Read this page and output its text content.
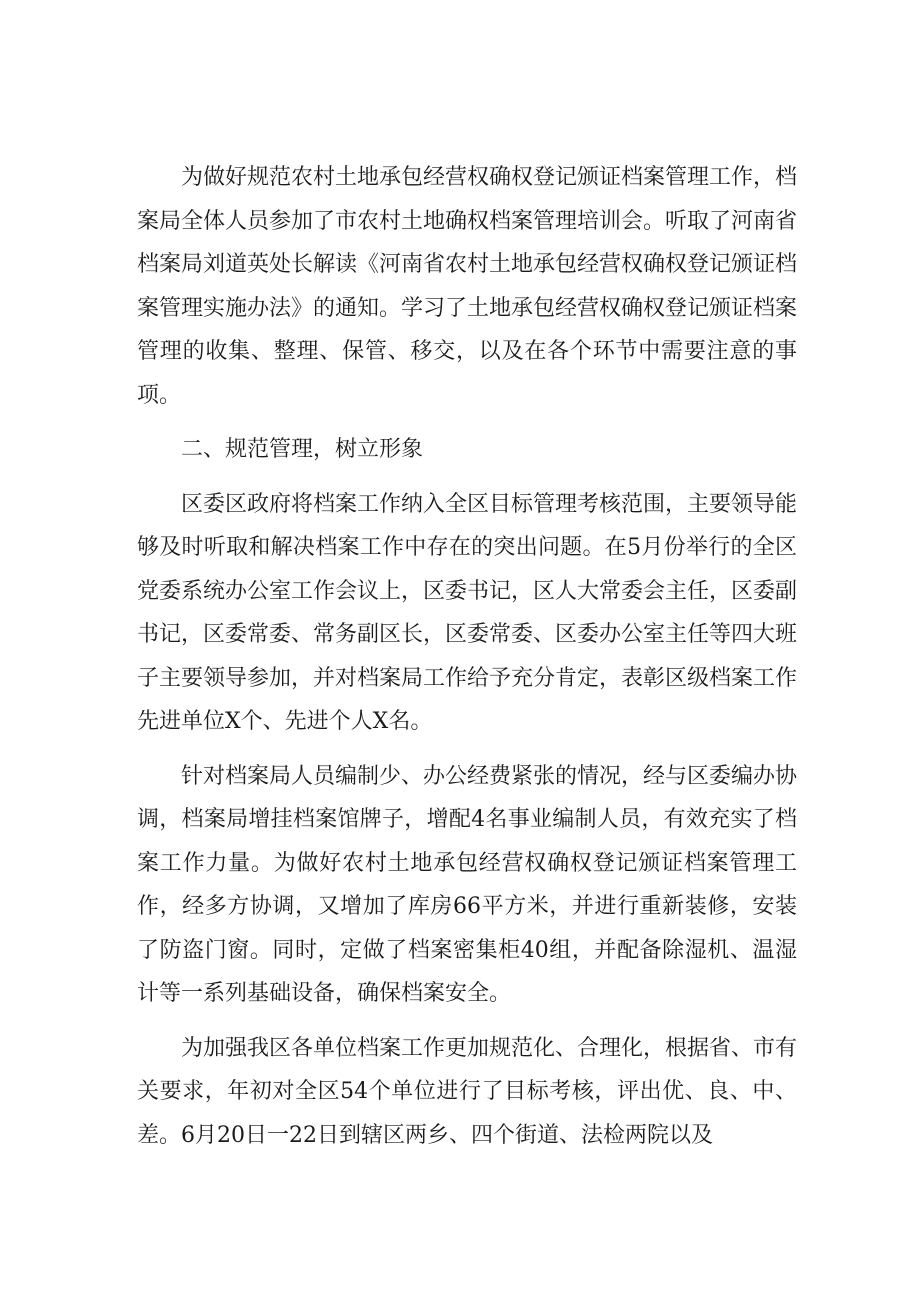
为做好规范农村土地承包经营权确权登记颁证档案管理工作，档案局全体人员参加了市农村土地确权档案管理培训会。听取了河南省档案局刘道英处长解读《河南省农村土地承包经营权确权登记颁证档案管理实施办法》的通知。学习了土地承包经营权确权登记颁证档案管理的收集、整理、保管、移交，以及在各个环节中需要注意的事项。

二、规范管理，树立形象

区委区政府将档案工作纳入全区目标管理考核范围，主要领导能够及时听取和解决档案工作中存在的突出问题。在5月份举行的全区党委系统办公室工作会议上，区委书记，区人大常委会主任，区委副书记，区委常委、常务副区长，区委常委、区委办公室主任等四大班子主要领导参加，并对档案局工作给予充分肯定，表彰区级档案工作先进单位X个、先进个人X名。

针对档案局人员编制少、办公经费紧张的情况，经与区委编办协调，档案局增挂档案馆牌子，增配4名事业编制人员，有效充实了档案工作力量。为做好农村土地承包经营权确权登记颁证档案管理工作，经多方协调，又增加了库房66平方米，并进行重新装修，安装了防盗门窗。同时，定做了档案密集柜40组，并配备除湿机、温湿计等一系列基础设备，确保档案安全。

为加强我区各单位档案工作更加规范化、合理化，根据省、市有关要求，年初对全区54个单位进行了目标考核，评出优、良、中、差。6月20日一22日到辖区两乡、四个街道、法检两院以及
